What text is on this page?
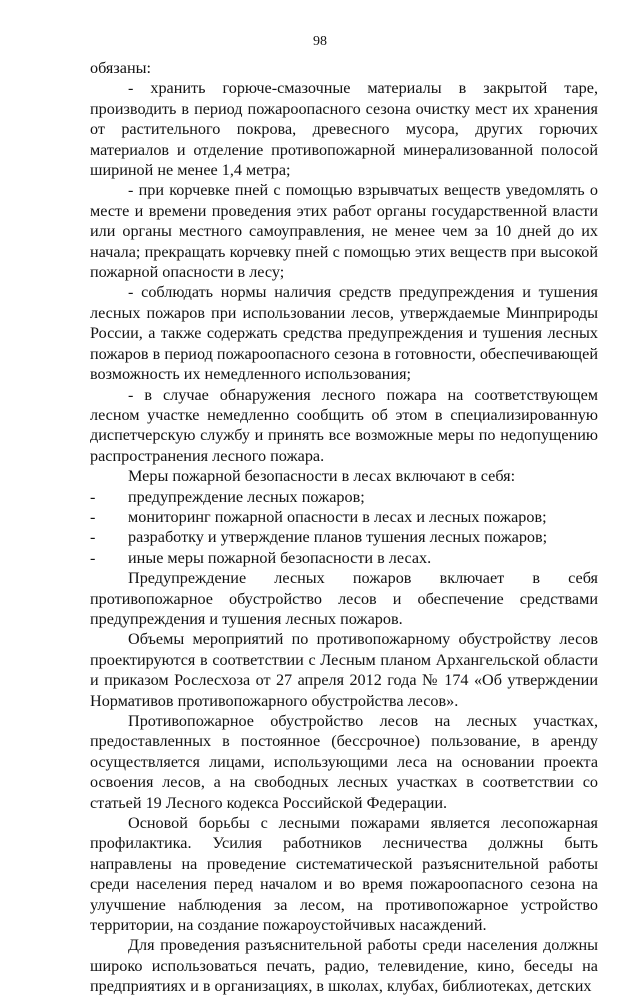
98

обязаны:

- хранить горюче-смазочные материалы в закрытой таре, производить в период пожароопасного сезона очистку мест их хранения от растительного покрова, древесного мусора, других горючих материалов и отделение противопожарной минерализованной полосой шириной не менее 1,4 метра;

- при корчевке пней с помощью взрывчатых веществ уведомлять о месте и времени проведения этих работ органы государственной власти или органы местного самоуправления, не менее чем за 10 дней до их начала; прекращать корчевку пней с помощью этих веществ при высокой пожарной опасности в лесу;

- соблюдать нормы наличия средств предупреждения и тушения лесных пожаров при использовании лесов, утверждаемые Минприроды России, а также содержать средства предупреждения и тушения лесных пожаров в период пожароопасного сезона в готовности, обеспечивающей возможность их немедленного использования;

- в случае обнаружения лесного пожара на соответствующем лесном участке немедленно сообщить об этом в специализированную диспетчерскую службу и принять все возможные меры по недопущению распространения лесного пожара.

Меры пожарной безопасности в лесах включают в себя:

-	предупреждение лесных пожаров;
-	мониторинг пожарной опасности в лесах и лесных пожаров;
-	разработку и утверждение планов тушения лесных пожаров;
-	иные меры пожарной безопасности в лесах.

Предупреждение лесных пожаров включает в себя противопожарное обустройство лесов и обеспечение средствами предупреждения и тушения лесных пожаров.

Объемы мероприятий по противопожарному обустройству лесов проектируются в соответствии с Лесным планом Архангельской области и приказом Рослесхоза от 27 апреля 2012 года № 174 «Об утверждении Нормативов противопожарного обустройства лесов».

Противопожарное обустройство лесов на лесных участках, предоставленных в постоянное (бессрочное) пользование, в аренду осуществляется лицами, использующими леса на основании проекта освоения лесов, а на свободных лесных участках в соответствии со статьей 19 Лесного кодекса Российской Федерации.

Основой борьбы с лесными пожарами является лесопожарная профилактика. Усилия работников лесничества должны быть направлены на проведение систематической разъяснительной работы среди населения перед началом и во время пожароопасного сезона на улучшение наблюдения за лесом, на противопожарное устройство территории, на создание пожароустойчивых насаждений.

Для проведения разъяснительной работы среди населения должны широко использоваться печать, радио, телевидение, кино, беседы на предприятиях и в организациях, в школах, клубах, библиотеках, детских
